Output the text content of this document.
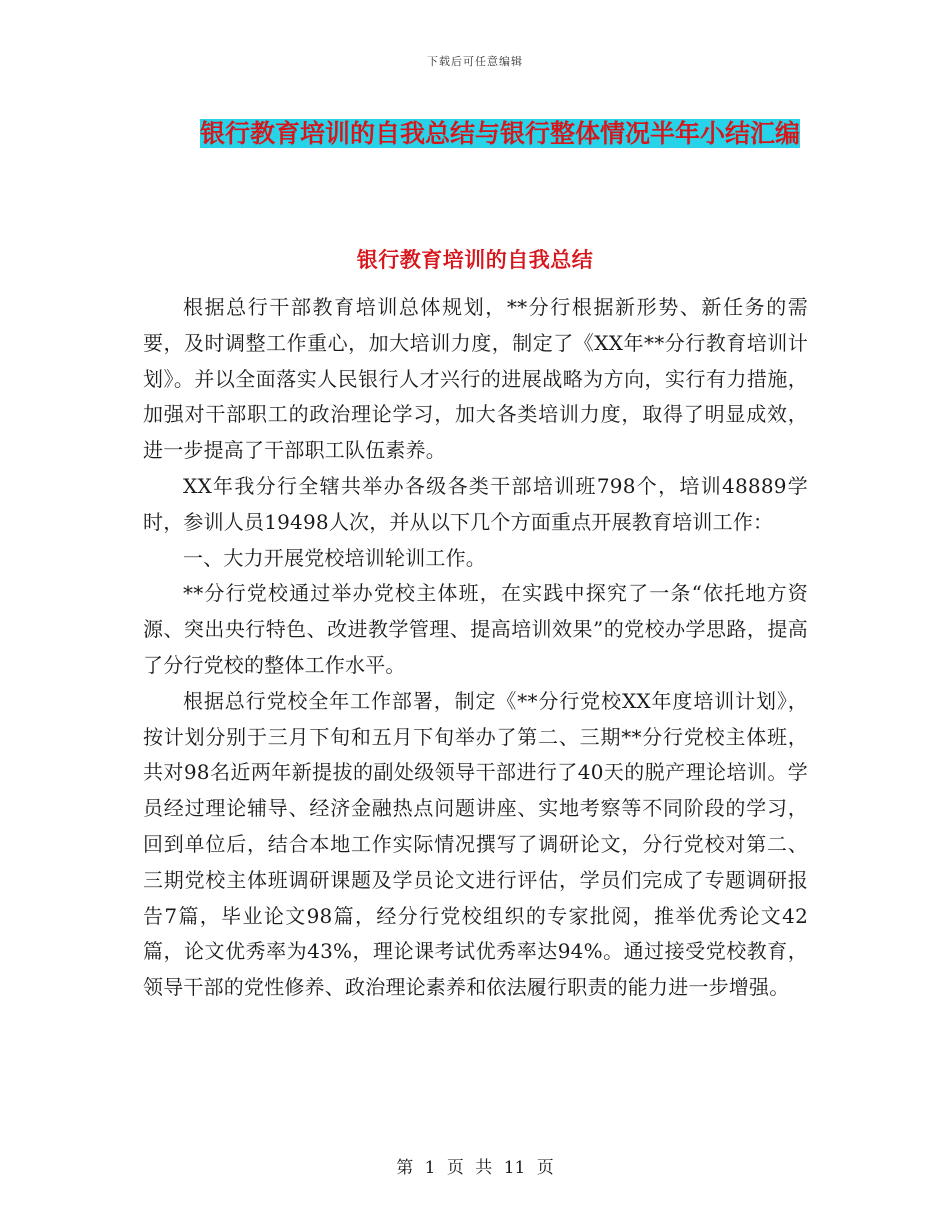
下载后可任意编辑
银行教育培训的自我总结与银行整体情况半年小结汇编
银行教育培训的自我总结

根据总行干部教育培训总体规划，**分行根据新形势、新任务的需要，及时调整工作重心，加大培训力度，制定了《XX年**分行教育培训计划》。并以全面落实人民银行人才兴行的进展战略为方向，实行有力措施，加强对干部职工的政治理论学习，加大各类培训力度，取得了明显成效，进一步提高了干部职工队伍素养。

XX年我分行全辖共举办各级各类干部培训班798个，培训48889学时，参训人员19498人次，并从以下几个方面重点开展教育培训工作：

一、大力开展党校培训轮训工作。

**分行党校通过举办党校主体班，在实践中探究了一条“依托地方资源、突出央行特色、改进教学管理、提高培训效果”的党校办学思路，提高了分行党校的整体工作水平。

根据总行党校全年工作部署，制定《**分行党校XX年度培训计划》，按计划分别于三月下旬和五月下旬举办了第二、三期**分行党校主体班，共对98名近两年新提拔的副处级领导干部进行了40天的脱产理论培训。学员经过理论辅导、经济金融热点问题讲座、实地考察等不同阶段的学习，回到单位后，结合本地工作实际情况撰写了调研论文，分行党校对第二、三期党校主体班调研课题及学员论文进行评估，学员们完成了专题调研报告7篇，毕业论文98篇，经分行党校组织的专家批阅，推举优秀论文42篇，论文优秀率为43%，理论课考试优秀率达94%。通过接受党校教育，领导干部的党性修养、政治理论素养和依法履行职责的能力进一步增强。

第 1 页 共 11 页
